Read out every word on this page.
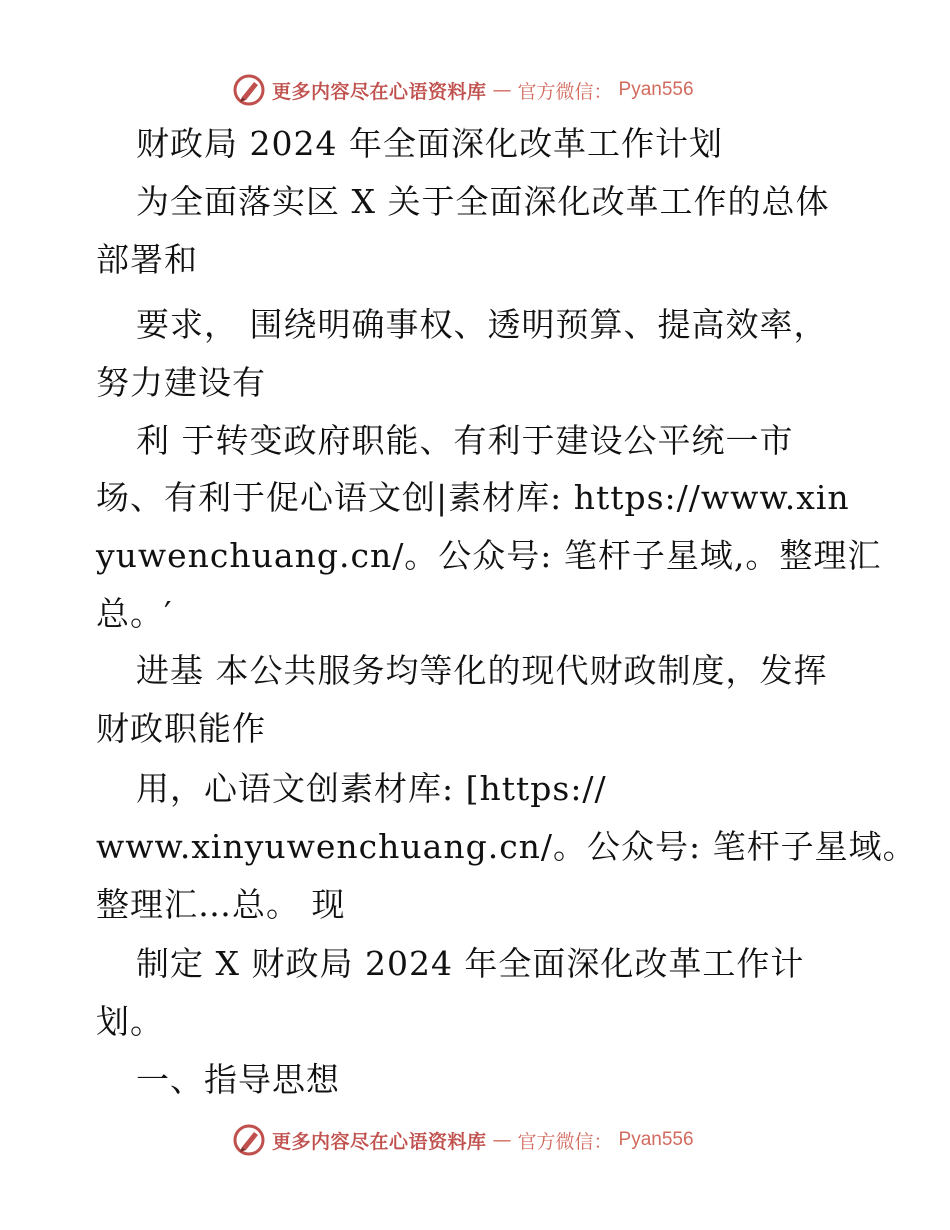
更多内容尽在心语资料库 — 官方微信： Pyan556
财政局 2024 年全面深化改革工作计划
为全面落实区 X 关于全面深化改革工作的总体
部署和
要求， 围绕明确事权、透明预算、提高效率，
努力建设有
利 于转变政府职能、有利于建设公平统一市
场、有利于促心语文创|素材库: https://www.xin
yuwenchuang.cn/。公众号: 笔杆子星域,。整理汇
总。′
进基 本公共服务均等化的现代财政制度，发挥
财政职能作
用，心语文创素材库: [https://
www.xinyuwenchuang.cn/。公众号: 笔杆子星域。
整理汇…总。 现
制定 X 财政局 2024 年全面深化改革工作计
划。
一、指导思想
更多内容尽在心语资料库 — 官方微信： Pyan556
